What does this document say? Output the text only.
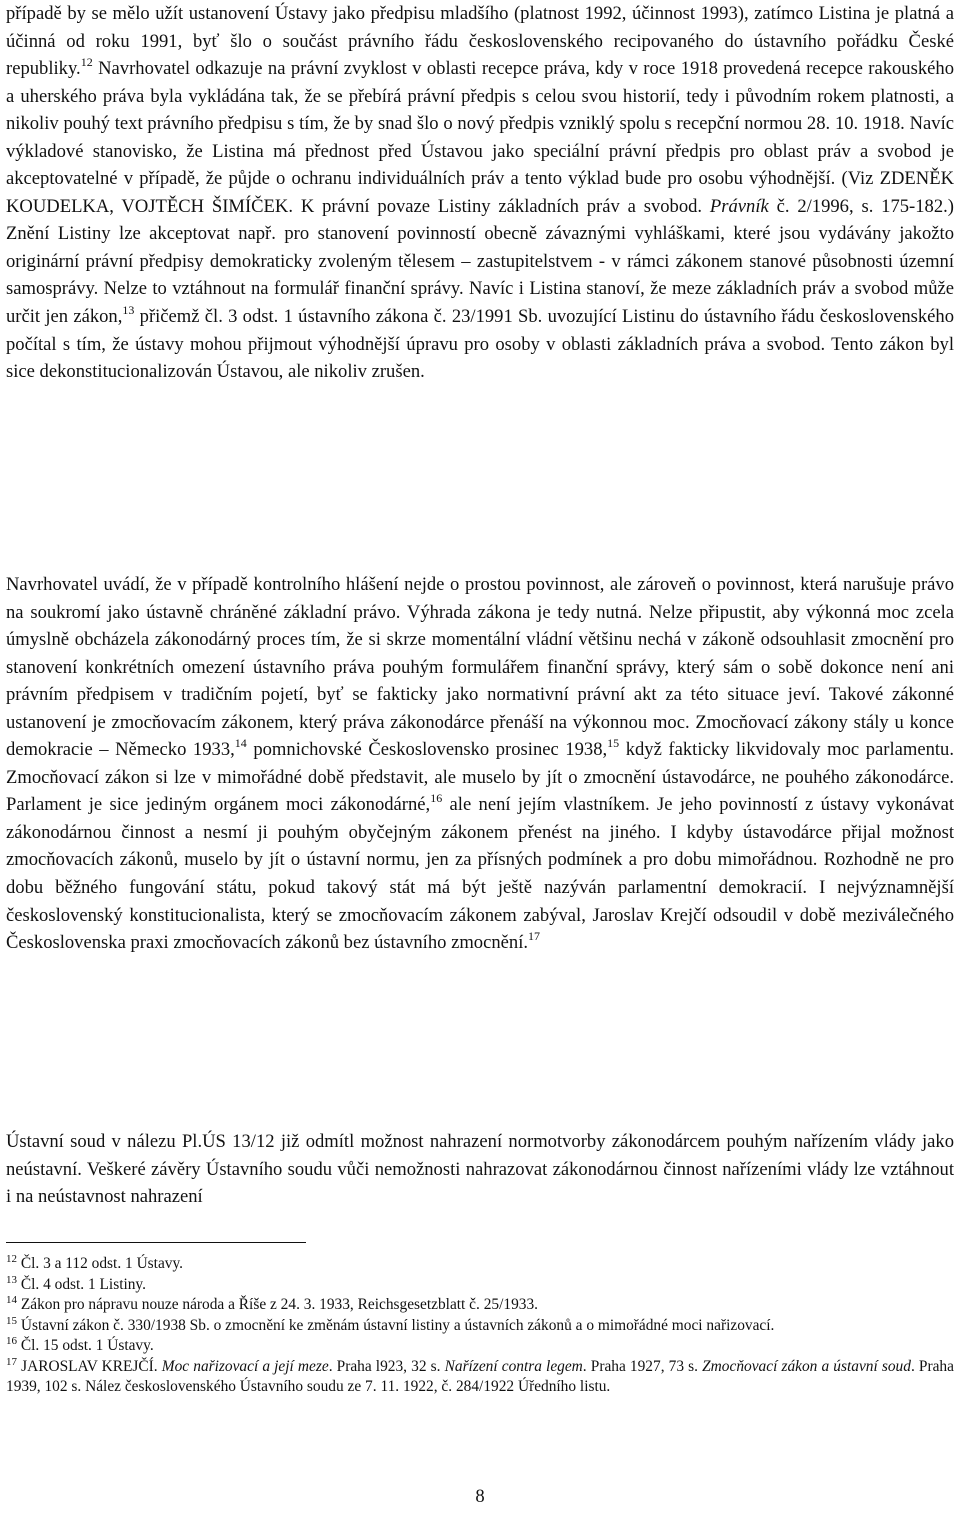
případě by se mělo užít ustanovení Ústavy jako předpisu mladšího (platnost 1992, účinnost 1993), zatímco Listina je platná a účinná od roku 1991, byť šlo o součást právního řádu československého recipovaného do ústavního pořádku České republiky.$^{12}$ Navrhovatel odkazuje na právní zvyklost v oblasti recepce práva, kdy v roce 1918 provedená recepce rakouského a uherského práva byla vykládána tak, že se přebírá právní předpis s celou svou historií, tedy i původním rokem platnosti, a nikoliv pouhý text právního předpisu s tím, že by snad šlo o nový předpis vzniklý spolu s recepční normou 28. 10. 1918. Navíc výkladové stanovisko, že Listina má přednost před Ústavou jako speciální právní předpis pro oblast práv a svobod je akceptovatelné v případě, že půjde o ochranu individuálních práv a tento výklad bude pro osobu výhodnější. (Viz ZDENĚK KOUDELKA, VOJTĚCH ŠIMÍČEK. K právní povaze Listiny základních práv a svobod. Právník č. 2/1996, s. 175-182.) Znění Listiny lze akceptovat např. pro stanovení povinností obecně závaznými vyhláškami, které jsou vydávány jakožto originární právní předpisy demokraticky zvoleným tělesem – zastupitelstvem - v rámci zákonem stanové působnosti územní samosprávy. Nelze to vztáhnout na formulář finanční správy. Navíc i Listina stanoví, že meze základních práv a svobod může určit jen zákon,$^{13}$ přičemž čl. 3 odst. 1 ústavního zákona č. 23/1991 Sb. uvozující Listinu do ústavního řádu československého počítal s tím, že ústavy mohou přijmout výhodnější úpravu pro osoby v oblasti základních práva a svobod. Tento zákon byl sice dekonstitucionalizován Ústavou, ale nikoliv zrušen.

Navrhovatel uvádí, že v případě kontrolního hlášení nejde o prostou povinnost, ale zároveň o povinnost, která narušuje právo na soukromí jako ústavně chráněné základní právo. Výhrada zákona je tedy nutná. Nelze připustit, aby výkonná moc zcela úmyslně obcházela zákonodárný proces tím, že si skrze momentální vládní většinu nechá v zákoně odsouhlasit zmocnění pro stanovení konkrétních omezení ústavního práva pouhým formulářem finanční správy, který sám o sobě dokonce není ani právním předpisem v tradičním pojetí, byť se fakticky jako normativní právní akt za této situace jeví. Takové zákonné ustanovení je zmocňovacím zákonem, který práva zákonodárce přenáší na výkonnou moc. Zmocňovací zákony stály u konce demokracie – Německo 1933,14 pomnichovské Československo prosinec 1938,15 když fakticky likvidovaly moc parlamentu. Zmocňovací zákon si lze v mimořádné době představit, ale muselo by jít o zmocnění ústavodárce, ne pouhého zákonodárce. Parlament je sice jediným orgánem moci zákonodárné,$^{16}$ ale není jejím vlastníkem. Je jeho povinností z ústavy vykonávat zákonodárnou činnost a nesmí ji pouhým obyčejným zákonem přenést na jiného. I kdyby ústavodárce přijal možnost zmocňovacích zákonů, muselo by jít o ústavní normu, jen za přísných podmínek a pro dobu mimořádnou. Rozhodně ne pro dobu běžného fungování státu, pokud takový stát má být ještě nazýván parlamentní demokracií. I nejvýznamnější československý konstitucionalista, který se zmocňovacím zákonem zabýval, Jaroslav Krejčí odsoudil v době meziválečného Československa praxi zmocňovacích zákonů bez ústavního zmocnění.$^{17}$

Ústavní soud v nálezu Pl.ÚS 13/12 již odmítl možnost nahrazení normotvorby zákonodárcem pouhým nařízením vlády jako neústavní. Veškeré závěry Ústavního soudu vůči nemožnosti nahrazovat zákonodárnou činnost nařízeními vlády lze vztáhnout i na neústavnost nahrazení

$^{12}$ Čl. 3 a 112 odst. 1 Ústavy.

$^{13}$ Čl. 4 odst. 1 Listiny.

$^{14}$ Zákon pro nápravu nouze národa a Říše z 24. 3. 1933, Reichsgesetzblatt č. 25/1933.

$^{15}$ Ústavní zákon č. 330/1938 Sb. o zmocnění ke změnám ústavní listiny a ústavních zákonů a o mimořádné moci nařizovací.

$^{16}$ Čl. 15 odst. 1 Ústavy.

$^{17}$ JAROSLAV KREJČÍ. Moc nařizovací a její meze. Praha l923, 32 s. Nařízení contra legem. Praha 1927, 73 s. Zmocňovací zákon a ústavní soud. Praha 1939, 102 s. Nález československého Ústavního soudu ze 7. 11. 1922, č. 284/1922 Úředního listu.

8
